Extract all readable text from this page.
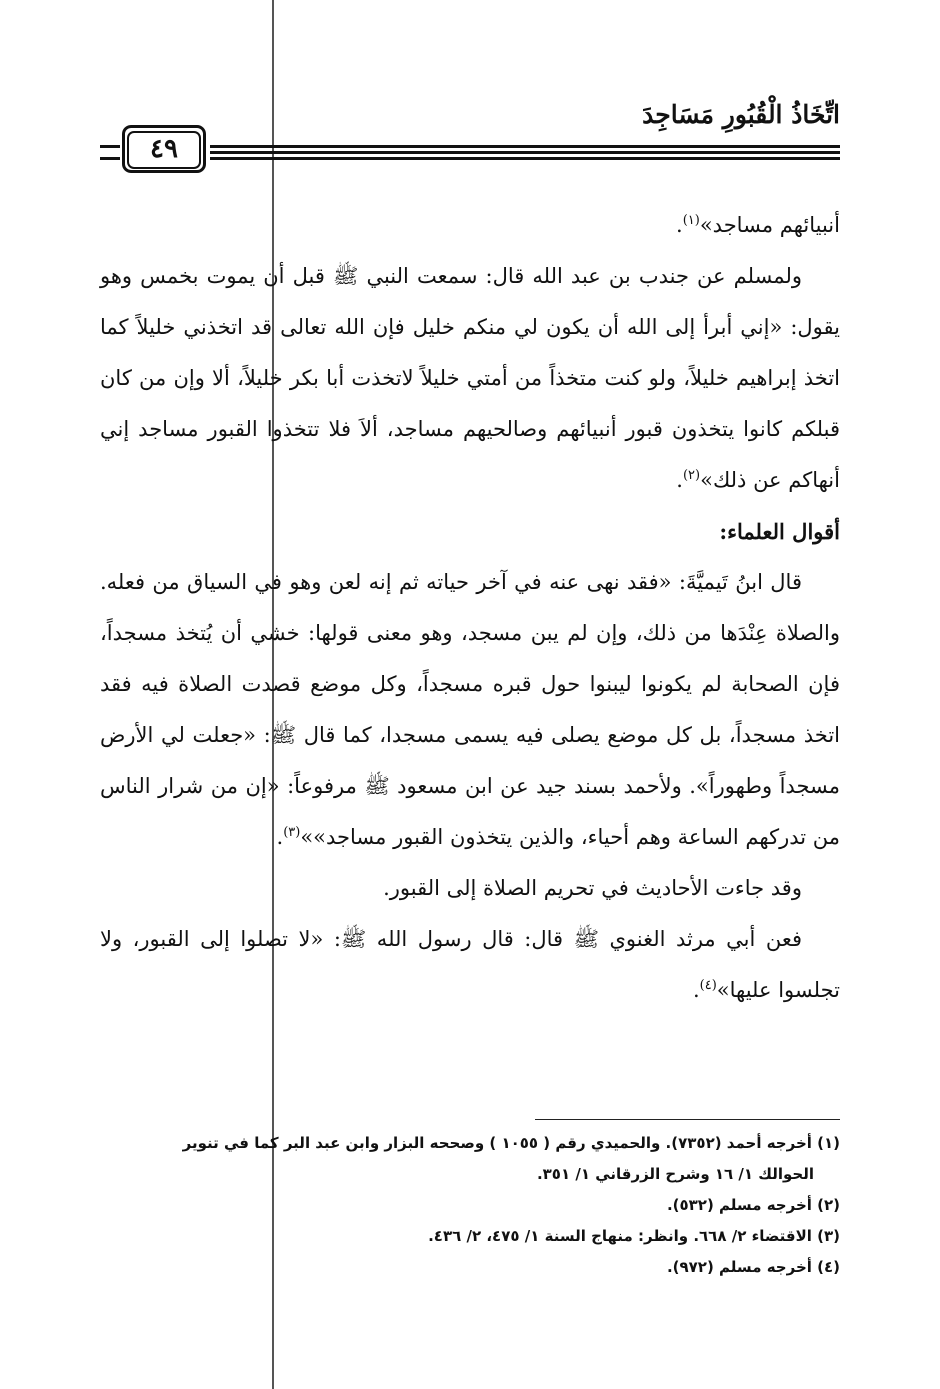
٤٩
اتِّخَاذُ الْقُبُورِ مَسَاجِدَ

أنبيائهم مساجد»$^{(١)}$.

ولمسلم عن جندب بن عبد الله قال: سمعت النبي ﷺ قبل أن يموت بخمس وهو يقول: «إني أبرأ إلى الله أن يكون لي منكم خليل فإن الله تعالى قد اتخذني خليلاً كما اتخذ إبراهيم خليلاً، ولو كنت متخذاً من أمتي خليلاً لاتخذت أبا بكر خليلاً، ألا وإن من كان قبلكم كانوا يتخذون قبور أنبيائهم وصالحيهم مساجد، ألاَ فلا تتخذوا القبور مساجد إني أنهاكم عن ذلك»$^{(٢)}$.

أقوال العلماء:

قال ابنُ تَيميَّةَ: «فقد نهى عنه في آخر حياته ثم إنه لعن وهو في السياق من فعله. والصلاة عِنْدَها من ذلك، وإن لم يبن مسجد، وهو معنى قولها: خشي أن يُتخذ مسجداً، فإن الصحابة لم يكونوا ليبنوا حول قبره مسجداً، وكل موضع قصدت الصلاة فيه فقد اتخذ مسجداً، بل كل موضع يصلى فيه يسمى مسجدا، كما قال ﷺ: «جعلت لي الأرض مسجداً وطهوراً». ولأحمد بسند جيد عن ابن مسعود ﷺ مرفوعاً: «إن من شرار الناس من تدركهم الساعة وهم أحياء، والذين يتخذون القبور مساجد»»$^{(٣)}$.

وقد جاءت الأحاديث في تحريم الصلاة إلى القبور.

فعن أبي مرثد الغنوي ﷺ قال: قال رسول الله ﷺ: «لا تصلوا إلى القبور، ولا تجلسوا عليها»$^{(٤)}$.

(١) أخرجه أحمد (٧٣٥٢). والحميدي رقم ( ١٠٥٥ ) وصححه البزار وابن عبد البر كما في تنوير

الحوالك ١/ ١٦ وشرح الزرقاني ١/ ٣٥١.

(٢) أخرجه مسلم (٥٣٢).

(٣) الاقتضاء ٢/ ٦٦٨. وانظر: منهاج السنة ١/ ٤٧٥، ٢/ ٤٣٦.

(٤) أخرجه مسلم (٩٧٢).
